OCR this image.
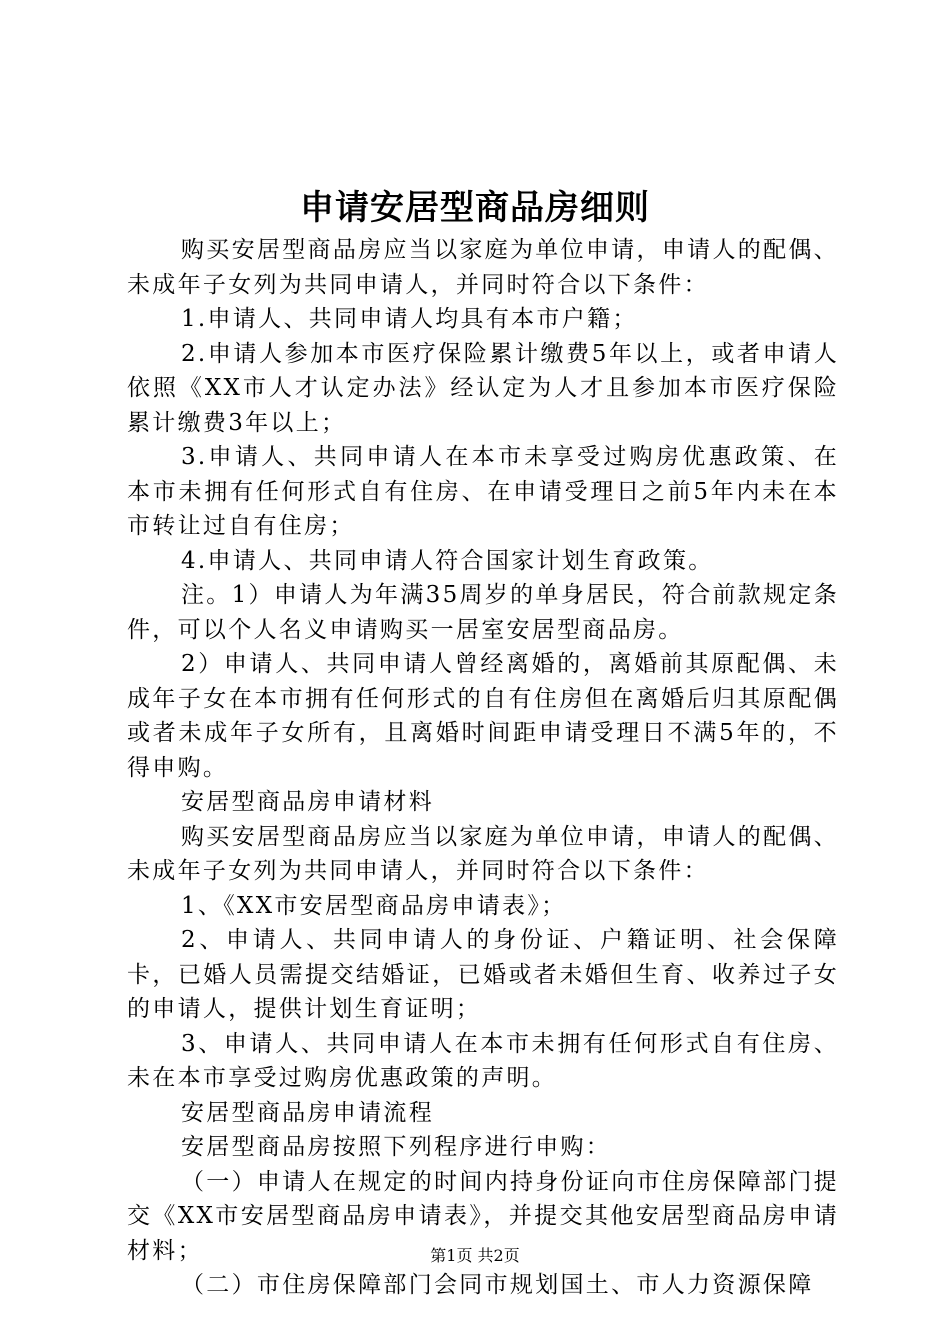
申请安居型商品房细则

购买安居型商品房应当以家庭为单位申请，申请人的配偶、未成年子女列为共同申请人，并同时符合以下条件：

1.申请人、共同申请人均具有本市户籍；

2.申请人参加本市医疗保险累计缴费5年以上，或者申请人依照《XX市人才认定办法》经认定为人才且参加本市医疗保险累计缴费3年以上；

3.申请人、共同申请人在本市未享受过购房优惠政策、在本市未拥有任何形式自有住房、在申请受理日之前5年内未在本市转让过自有住房；

4.申请人、共同申请人符合国家计划生育政策。

注。1）申请人为年满35周岁的单身居民，符合前款规定条件，可以个人名义申请购买一居室安居型商品房。

2）申请人、共同申请人曾经离婚的，离婚前其原配偶、未成年子女在本市拥有任何形式的自有住房但在离婚后归其原配偶或者未成年子女所有，且离婚时间距申请受理日不满5年的，不得申购。

安居型商品房申请材料

购买安居型商品房应当以家庭为单位申请，申请人的配偶、未成年子女列为共同申请人，并同时符合以下条件：

1、《XX市安居型商品房申请表》；

2、申请人、共同申请人的身份证、户籍证明、社会保障卡，已婚人员需提交结婚证，已婚或者未婚但生育、收养过子女的申请人，提供计划生育证明；

3、申请人、共同申请人在本市未拥有任何形式自有住房、未在本市享受过购房优惠政策的声明。

安居型商品房申请流程

安居型商品房按照下列程序进行申购：

（一）申请人在规定的时间内持身份证向市住房保障部门提交《XX市安居型商品房申请表》，并提交其他安居型商品房申请材料；

（二）市住房保障部门会同市规划国土、市人力资源保障

第1页 共2页
